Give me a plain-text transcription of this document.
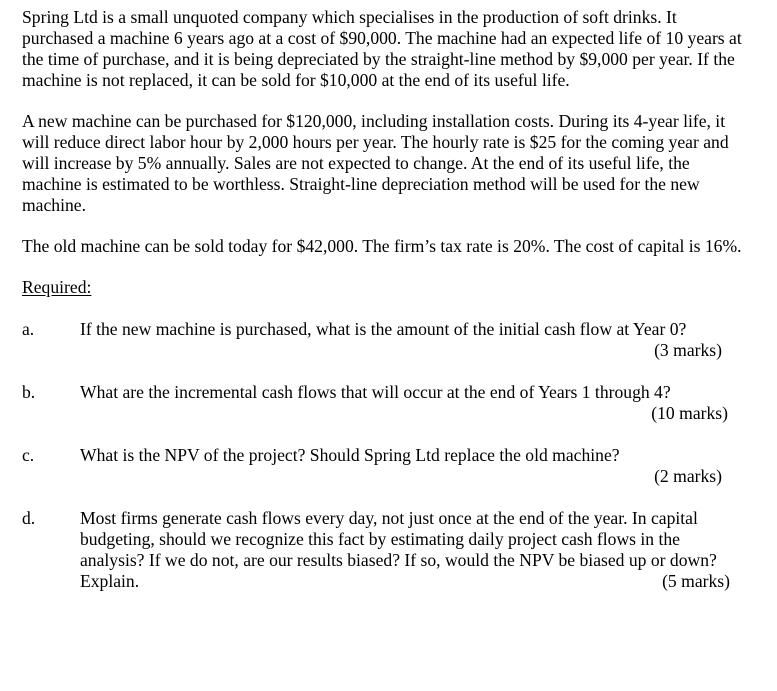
Spring Ltd is a small unquoted company which specialises in the production of soft drinks. It purchased a machine 6 years ago at a cost of $90,000. The machine had an expected life of 10 years at the time of purchase, and it is being depreciated by the straight-line method by $9,000 per year. If the machine is not replaced, it can be sold for $10,000 at the end of its useful life.

A new machine can be purchased for $120,000, including installation costs. During its 4-year life, it will reduce direct labor hour by 2,000 hours per year. The hourly rate is $25 for the coming year and will increase by 5% annually. Sales are not expected to change. At the end of its useful life, the machine is estimated to be worthless. Straight-line depreciation method will be used for the new machine.

The old machine can be sold today for $42,000. The firm’s tax rate is 20%. The cost of capital is 16%.

Required:
a.	If the new machine is purchased, what is the amount of the initial cash flow at Year 0?
(3 marks)
b.	What are the incremental cash flows that will occur at the end of Years 1 through 4?
(10 marks)
c.	What is the NPV of the project? Should Spring Ltd replace the old machine?
(2 marks)
d.	Most firms generate cash flows every day, not just once at the end of the year. In capital budgeting, should we recognize this fact by estimating daily project cash flows in the analysis? If we do not, are our results biased? If so, would the NPV be biased up or down? Explain.	(5 marks)
